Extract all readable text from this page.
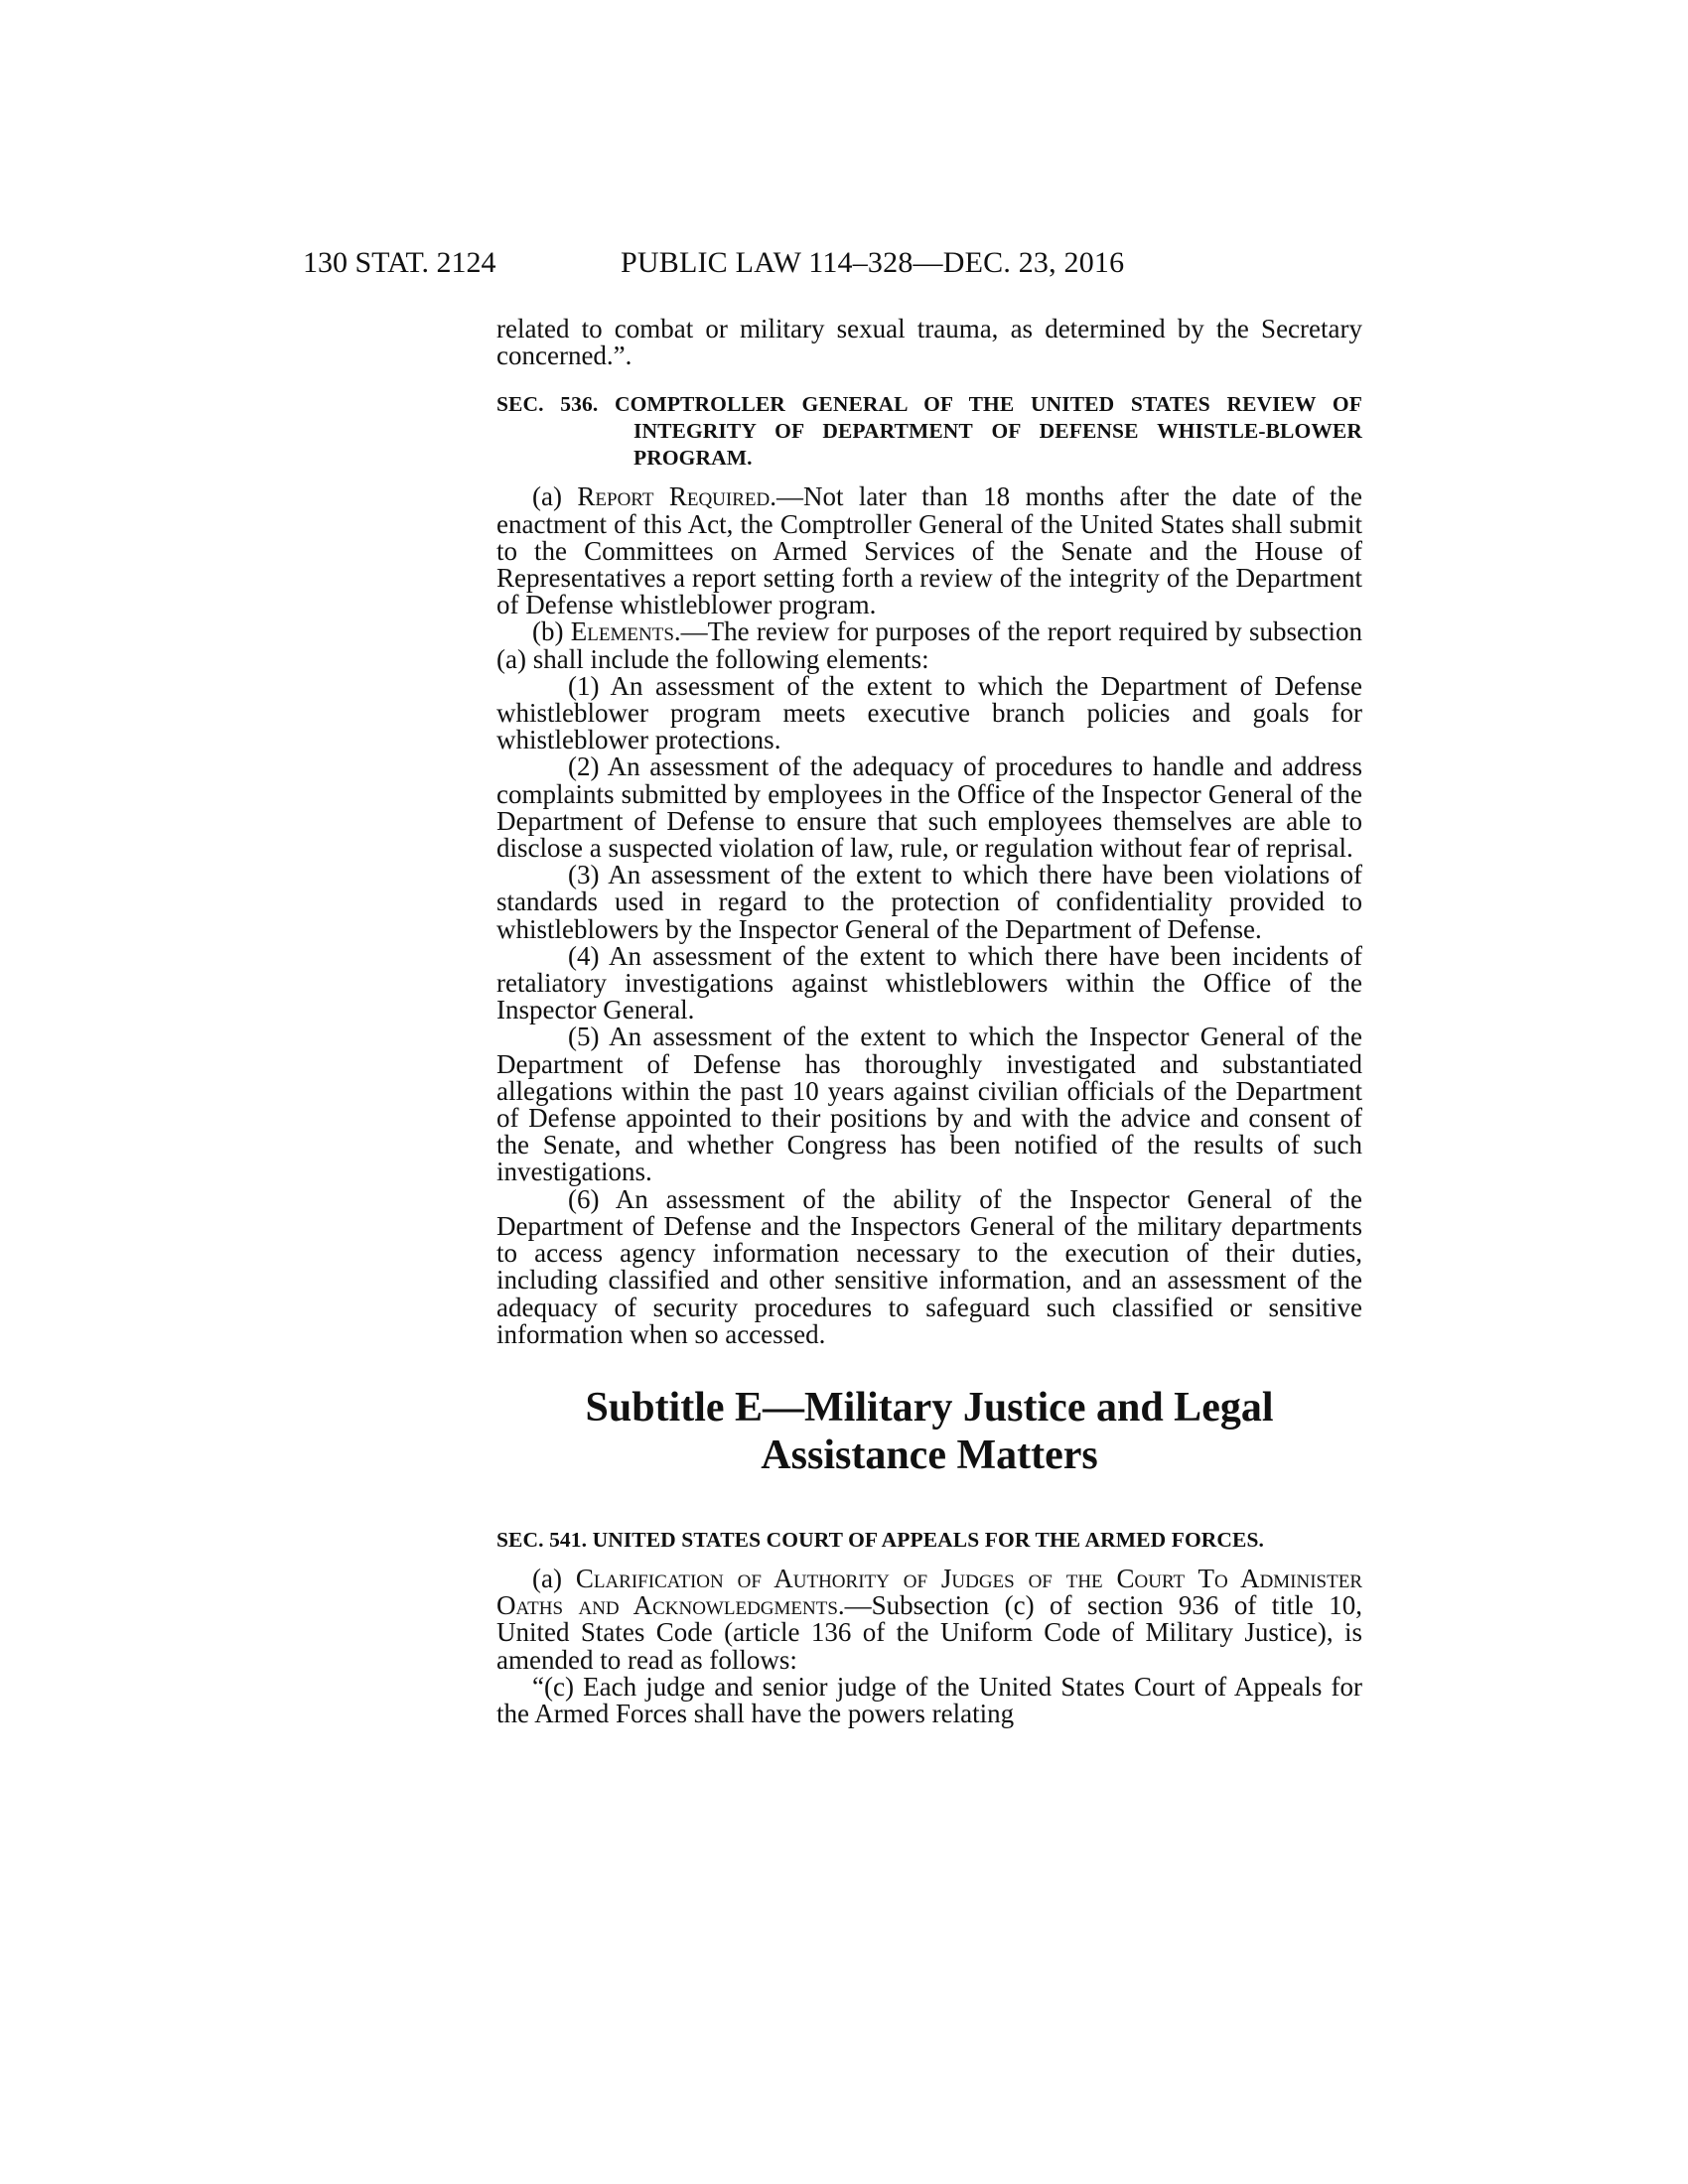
130 STAT. 2124	PUBLIC LAW 114–328—DEC. 23, 2016

related to combat or military sexual trauma, as determined by the Secretary concerned.”.

SEC. 536. COMPTROLLER GENERAL OF THE UNITED STATES REVIEW OF INTEGRITY OF DEPARTMENT OF DEFENSE WHISTLE-BLOWER PROGRAM.

(a) Report Required.—Not later than 18 months after the date of the enactment of this Act, the Comptroller General of the United States shall submit to the Committees on Armed Services of the Senate and the House of Representatives a report setting forth a review of the integrity of the Department of Defense whistleblower program.

(b) Elements.—The review for purposes of the report required by subsection (a) shall include the following elements:

(1) An assessment of the extent to which the Department of Defense whistleblower program meets executive branch policies and goals for whistleblower protections.

(2) An assessment of the adequacy of procedures to handle and address complaints submitted by employees in the Office of the Inspector General of the Department of Defense to ensure that such employees themselves are able to disclose a suspected violation of law, rule, or regulation without fear of reprisal.

(3) An assessment of the extent to which there have been violations of standards used in regard to the protection of confidentiality provided to whistleblowers by the Inspector General of the Department of Defense.

(4) An assessment of the extent to which there have been incidents of retaliatory investigations against whistleblowers within the Office of the Inspector General.

(5) An assessment of the extent to which the Inspector General of the Department of Defense has thoroughly investigated and substantiated allegations within the past 10 years against civilian officials of the Department of Defense appointed to their positions by and with the advice and consent of the Senate, and whether Congress has been notified of the results of such investigations.

(6) An assessment of the ability of the Inspector General of the Department of Defense and the Inspectors General of the military departments to access agency information necessary to the execution of their duties, including classified and other sensitive information, and an assessment of the adequacy of security procedures to safeguard such classified or sensitive information when so accessed.

Subtitle E—Military Justice and Legal Assistance Matters

SEC. 541. UNITED STATES COURT OF APPEALS FOR THE ARMED FORCES.

(a) Clarification of Authority of Judges of the Court To Administer Oaths and Acknowledgments.—Subsection (c) of section 936 of title 10, United States Code (article 136 of the Uniform Code of Military Justice), is amended to read as follows:

“(c) Each judge and senior judge of the United States Court of Appeals for the Armed Forces shall have the powers relating
